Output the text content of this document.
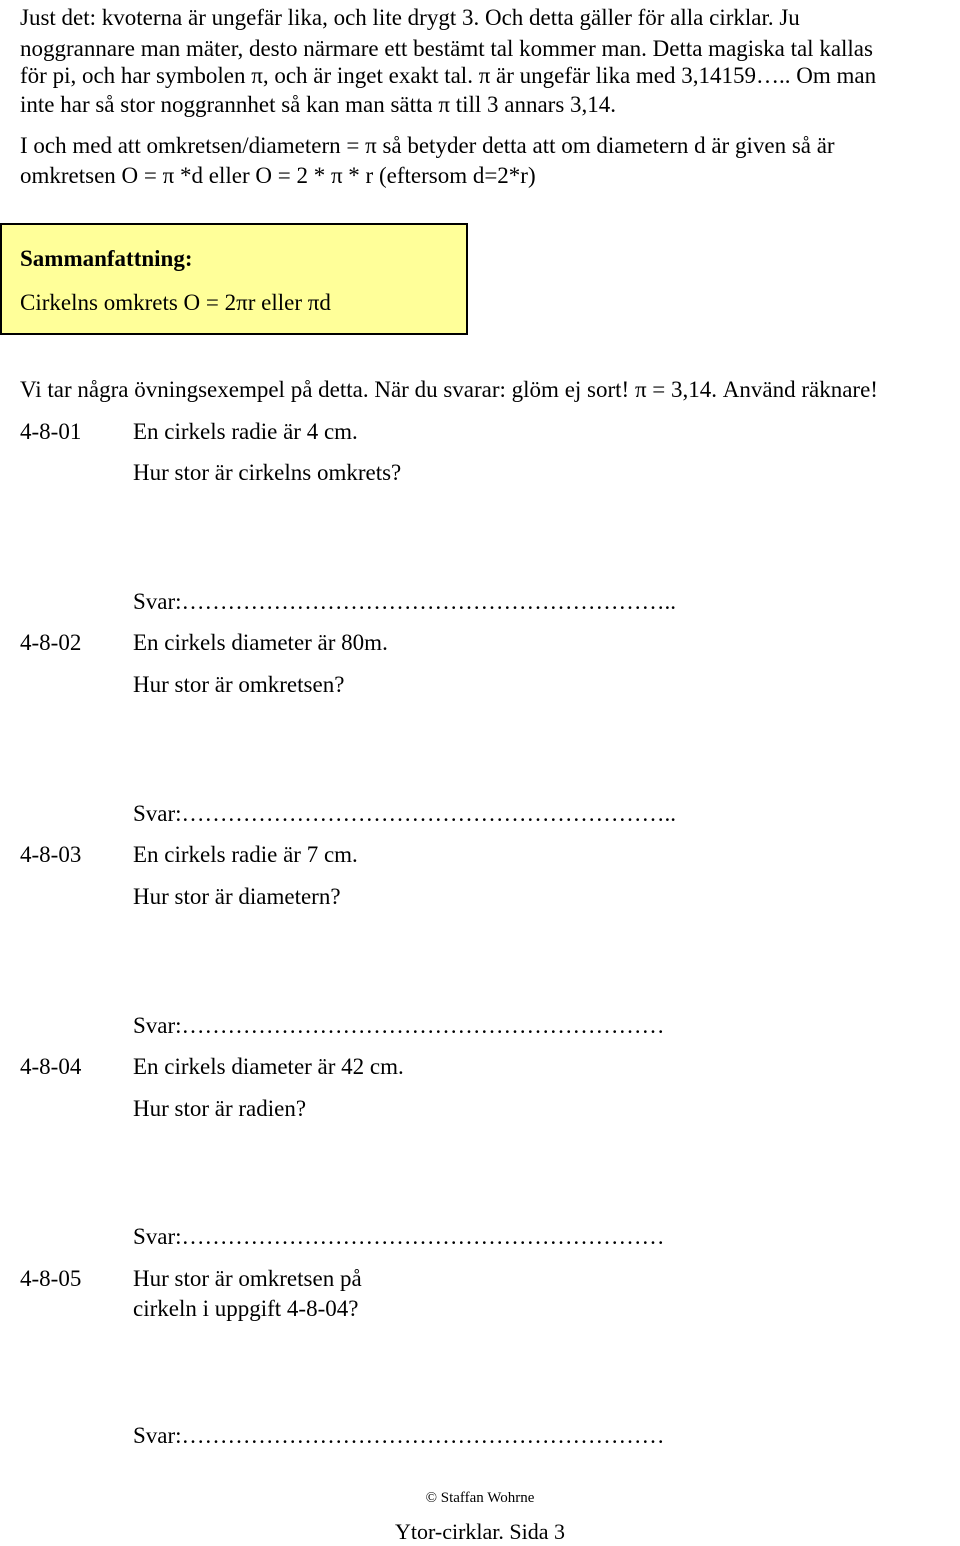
Just det: kvoterna är ungefär lika, och lite drygt 3. Och detta gäller för alla cirklar. Ju
noggrannare man mäter, desto närmare ett bestämt tal kommer man. Detta magiska tal kallas
för pi, och har symbolen π, och är inget exakt tal. π är ungefär lika med 3,14159….. Om man
inte har så stor noggrannhet så kan man sätta π till 3 annars 3,14.
I och med att omkretsen/diametern = π så betyder detta att om diametern d är given så är
omkretsen O = π *d eller O = 2 * π * r (eftersom d=2*r)
Sammanfattning:
Cirkelns omkrets O = 2πr eller πd
Vi tar några övningsexempel på detta. När du svarar: glöm ej sort! π = 3,14. Använd räknare!
4-8-01 En cirkels radie är 4 cm.
Hur stor är cirkelns omkrets?
Svar:………………………………………………………..
4-8-02 En cirkels diameter är 80m.
Hur stor är omkretsen?
Svar:………………………………………………………..
4-8-03 En cirkels radie är 7 cm.
Hur stor är diametern?
Svar:………………………………………………………
4-8-04 En cirkels diameter är 42 cm.
Hur stor är radien?
Svar:………………………………………………………
4-8-05 Hur stor är omkretsen på
cirkeln i uppgift 4-8-04?
Svar:………………………………………………………
© Staffan Wohrne
Ytor-cirklar. Sida 3
